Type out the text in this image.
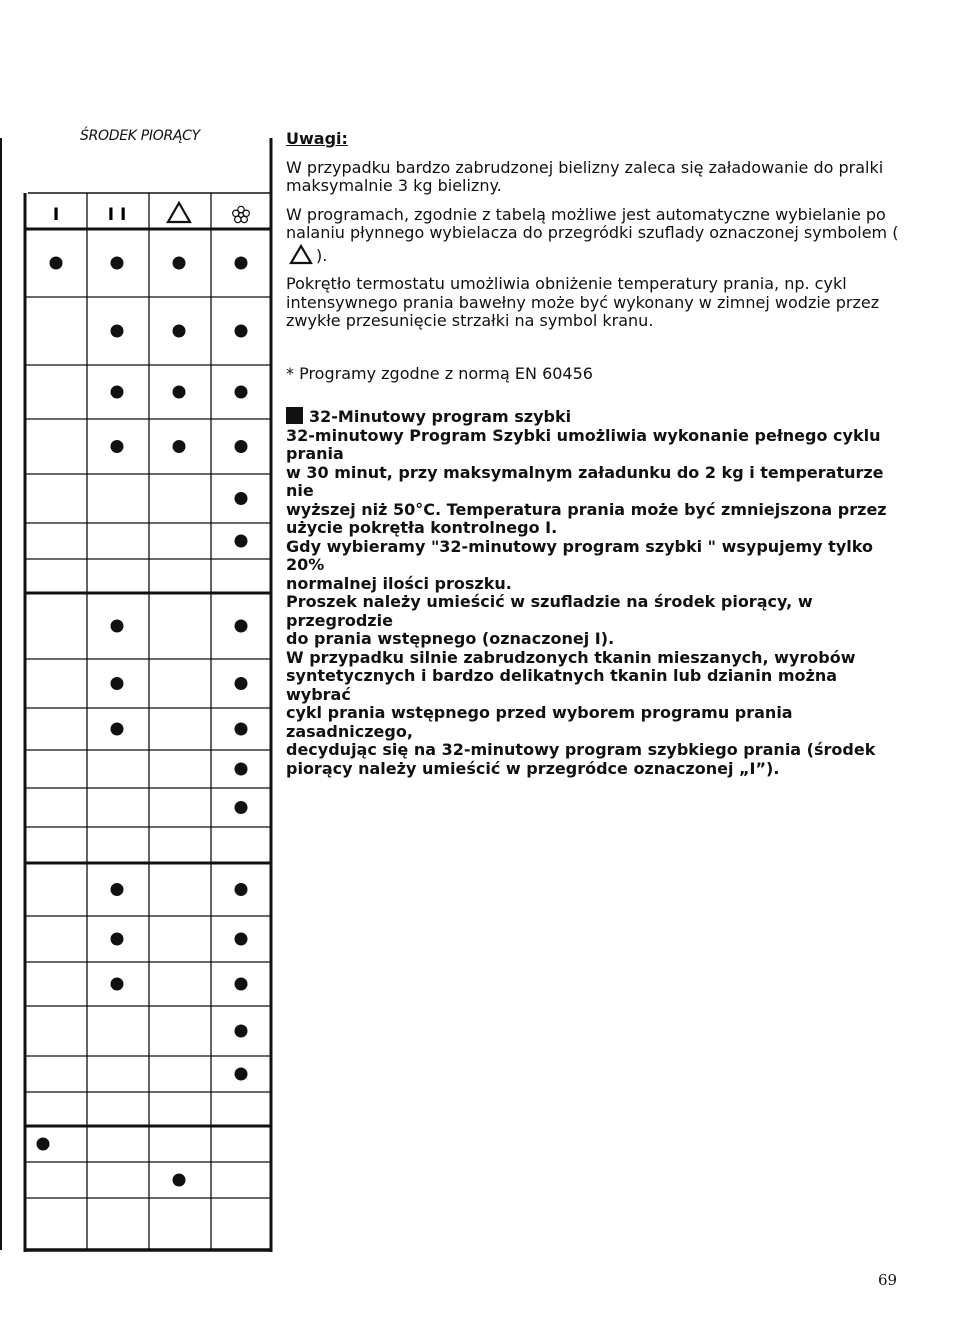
ŚRODEK PIORĄCY
I	I I

Uwagi:

W przypadku bardzo zabrudzonej bielizny zaleca się załadowanie do pralki maksymalnie 3 kg bielizny.

W programach, zgodnie z tabelą możliwe jest automatyczne wybielanie po nalaniu płynnego wybielacza do przegródki szuflady oznaczonej symbolem ().

Pokrętło termostatu umożliwia obniżenie temperatury prania, np. cykl intensywnego prania bawełny może być wykonany w zimnej wodzie przez zwykłe przesunięcie strzałki na symbol kranu.

* Programy zgodne z normą EN 60456

32-Minutowy program szybki
32-minutowy Program Szybki umożliwia wykonanie pełnego cyklu prania
w 30 minut, przy maksymalnym załadunku do 2 kg i temperaturze nie
wyższej niż 50°C. Temperatura prania może być zmniejszona przez
użycie pokrętła kontrolnego I.
Gdy wybieramy "32-minutowy program szybki " wsypujemy tylko 20%
normalnej ilości proszku.
Proszek należy umieścić w szufladzie na środek piorący, w przegrodzie
do prania wstępnego (oznaczonej I).
W przypadku silnie zabrudzonych tkanin mieszanych, wyrobów
syntetycznych i bardzo delikatnych tkanin lub dzianin można wybrać
cykl prania wstępnego przed wyborem programu prania zasadniczego,
decydując się na 32-minutowy program szybkiego prania (środek
piorący należy umieścić w przegródce oznaczonej „I”).
69
